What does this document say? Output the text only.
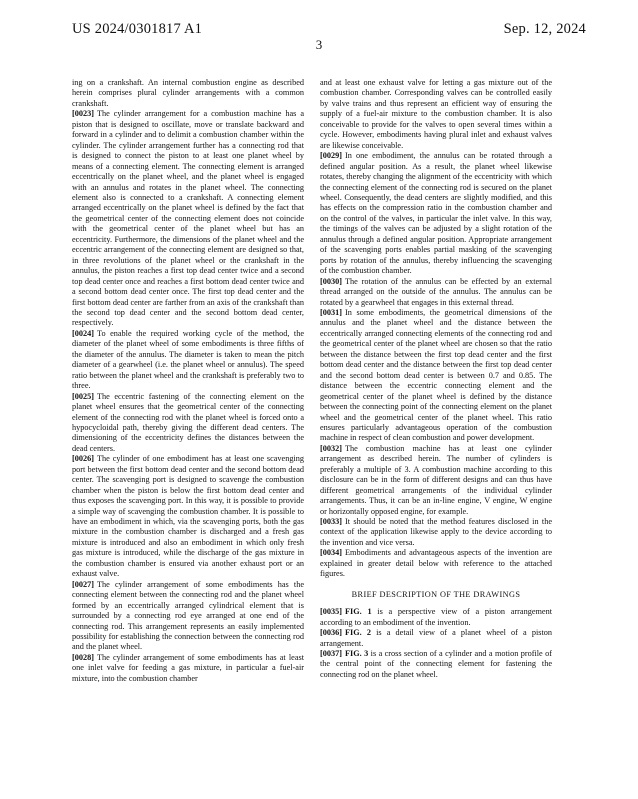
US 2024/0301817 A1	Sep. 12, 2024
3

ing on a crankshaft. An internal combustion engine as described herein comprises plural cylinder arrangements with a common crankshaft.

[0023] The cylinder arrangement for a combustion machine has a piston that is designed to oscillate, move or translate backward and forward in a cylinder and to delimit a combustion chamber within the cylinder. The cylinder arrangement further has a connecting rod that is designed to connect the piston to at least one planet wheel by means of a connecting element. The connecting element is arranged eccentrically on the planet wheel, and the planet wheel is engaged with an annulus and rotates in the planet wheel. The connecting element also is connected to a crankshaft. A connecting element arranged eccentrically on the planet wheel is defined by the fact that the geometrical center of the connecting element does not coincide with the geometrical center of the planet wheel but has an eccentricity. Furthermore, the dimensions of the planet wheel and the eccentric arrangement of the connecting element are designed so that, in three revolutions of the planet wheel or the crankshaft in the annulus, the piston reaches a first top dead center twice and a second top dead center once and reaches a first bottom dead center twice and a second bottom dead center once. The first top dead center and the first bottom dead center are farther from an axis of the crankshaft than the second top dead center and the second bottom dead center, respectively.

[0024] To enable the required working cycle of the method, the diameter of the planet wheel of some embodiments is three fifths of the diameter of the annulus. The diameter is taken to mean the pitch diameter of a gearwheel (i.e. the planet wheel or annulus). The speed ratio between the planet wheel and the crankshaft is preferably two to three.

[0025] The eccentric fastening of the connecting element on the planet wheel ensures that the geometrical center of the connecting element of the connecting rod with the planet wheel is forced onto a hypocycloidal path, thereby giving the different dead centers. The dimensioning of the eccentricity defines the distances between the dead centers.

[0026] The cylinder of one embodiment has at least one scavenging port between the first bottom dead center and the second bottom dead center. The scavenging port is designed to scavenge the combustion chamber when the piston is below the first bottom dead center and thus exposes the scavenging port. In this way, it is possible to provide a simple way of scavenging the combustion chamber. It is possible to have an embodiment in which, via the scavenging ports, both the gas mixture in the combustion chamber is discharged and a fresh gas mixture is introduced and also an embodiment in which only fresh gas mixture is introduced, while the discharge of the gas mixture in the combustion chamber is ensured via another exhaust port or an exhaust valve.

[0027] The cylinder arrangement of some embodiments has the connecting element between the connecting rod and the planet wheel formed by an eccentrically arranged cylindrical element that is surrounded by a connecting rod eye arranged at one end of the connecting rod. This arrangement represents an easily implemented possibility for establishing the connection between the connecting rod and the planet wheel.

[0028] The cylinder arrangement of some embodiments has at least one inlet valve for feeding a gas mixture, in particular a fuel-air mixture, into the combustion chamber

and at least one exhaust valve for letting a gas mixture out of the combustion chamber. Corresponding valves can be controlled easily by valve trains and thus represent an efficient way of ensuring the supply of a fuel-air mixture to the combustion chamber. It is also conceivable to provide for the valves to open several times within a cycle. However, embodiments having plural inlet and exhaust valves are likewise conceivable.

[0029] In one embodiment, the annulus can be rotated through a defined angular position. As a result, the planet wheel likewise rotates, thereby changing the alignment of the eccentricity with which the connecting element of the connecting rod is secured on the planet wheel. Consequently, the dead centers are slightly modified, and this has effects on the compression ratio in the combustion chamber and on the control of the valves, in particular the inlet valve. In this way, the timings of the valves can be adjusted by a slight rotation of the annulus through a defined angular position. Appropriate arrangement of the scavenging ports enables partial masking of the scavenging ports by rotation of the annulus, thereby influencing the scavenging of the combustion chamber.

[0030] The rotation of the annulus can be effected by an external thread arranged on the outside of the annulus. The annulus can be rotated by a gearwheel that engages in this external thread.

[0031] In some embodiments, the geometrical dimensions of the annulus and the planet wheel and the distance between the eccentrically arranged connecting elements of the connecting rod and the geometrical center of the planet wheel are chosen so that the ratio between the distance between the first top dead center and the first bottom dead center and the distance between the first top dead center and the second bottom dead center is between 0.7 and 0.85. The distance between the eccentric connecting element and the geometrical center of the planet wheel is defined by the distance between the connecting point of the connecting element on the planet wheel and the geometrical center of the planet wheel. This ratio ensures particularly advantageous operation of the combustion machine in respect of clean combustion and power development.

[0032] The combustion machine has at least one cylinder arrangement as described herein. The number of cylinders is preferably a multiple of 3. A combustion machine according to this disclosure can be in the form of different designs and can thus have different geometrical arrangements of the individual cylinder arrangements. Thus, it can be an in-line engine, V engine, W engine or horizontally opposed engine, for example.

[0033] It should be noted that the method features disclosed in the context of the application likewise apply to the device according to the invention and vice versa.

[0034] Embodiments and advantageous aspects of the invention are explained in greater detail below with reference to the attached figures.

BRIEF DESCRIPTION OF THE DRAWINGS

[0035] FIG. 1 is a perspective view of a piston arrangement according to an embodiment of the invention.

[0036] FIG. 2 is a detail view of a planet wheel of a piston arrangement.

[0037] FIG. 3 is a cross section of a cylinder and a motion profile of the central point of the connecting element for fastening the connecting rod on the planet wheel.
